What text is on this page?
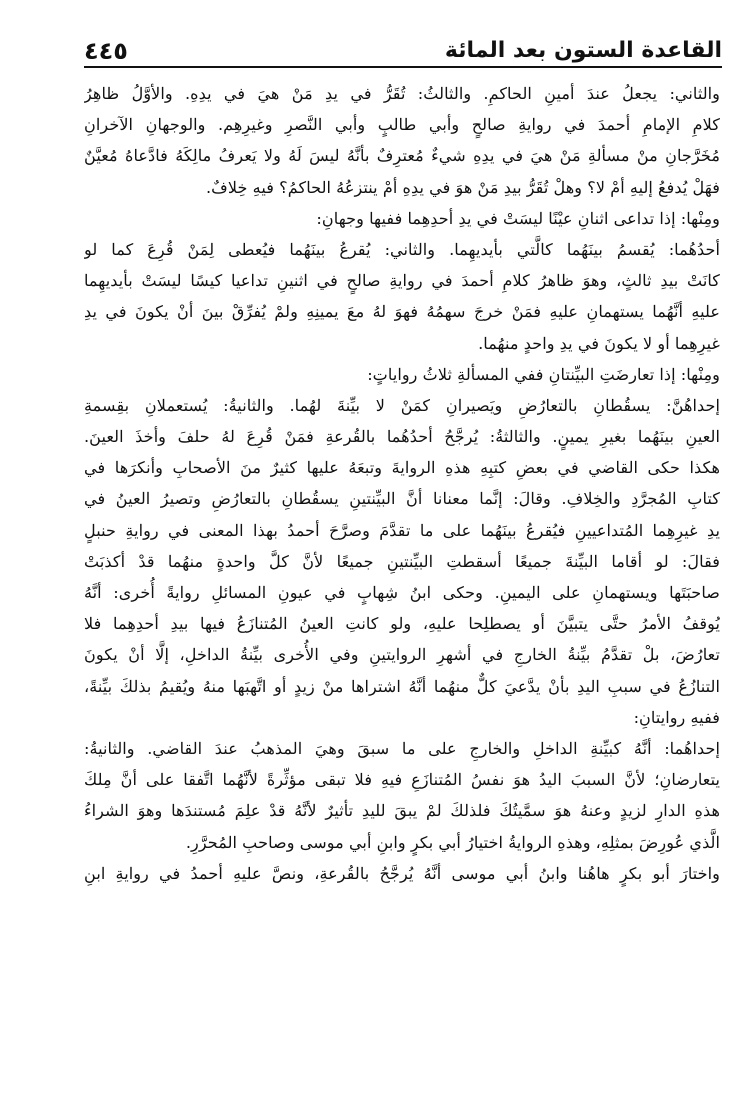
القاعدة الستون بعد المائة
٤٤٥
والثاني: يجعلُ عندَ أمينِ الحاكمِ. والثالثُ: تُقَرُّ في يدِ مَنْ هيَ في يدِهِ. والأوَّلُ ظاهِرُ
كلامِ الإمامِ أحمدَ في روايةِ صالحٍ وأبي طالبٍ وأبي النَّصرِ وغيرِهِم. والوجهانِ الآخرانِ
مُخَرَّجانِ منْ مسألةِ مَنْ هيَ في يدِهِ شيءٌ مُعترِفٌ بأنَّهُ ليسَ لَهُ ولا يَعرفُ مالِكَهُ فادَّعاهُ مُعيَّنٌ
فهَلْ يُدفعُ إليهِ أمْ لا؟ وهلْ تُقَرُّ بيدِ مَنْ هوَ في يدِهِ أمْ ينتزعُهُ الحاكمُ؟ فيهِ خِلافٌ.
ومِنْها: إذا تداعى اثنانِ عيْنًا ليسَتْ في يدِ أحدِهِما ففيها وجهانِ:
أحدُهُما: يُقسمُ بينَهُما كالَّتي بأيديهِما. والثاني: يُقرعُ بينَهُما فيُعطى لِمَنْ قُرِعَ كما لو
كانَتْ بيدِ ثالثٍ، وهوَ ظاهرُ كلامِ أحمدَ في روايةِ صالحٍ في اثنينِ تداعيا كيسًا ليسَتْ بأيديهِما
عليهِ أنَّهُما يستهمانِ عليهِ فمَنْ خرجَ سهمُهُ فهوَ لهُ معَ يمينِهِ ولمْ يُفرِّقْ بينَ أنْ يكونَ في يدِ
غيرِهِما أو لا يكونَ في يدِ واحدٍ منهُما.
ومِنْها: إذا تعارضَتِ البيِّنتانِ ففي المسألةِ ثلاثُ رواياتٍ:
إحداهُنَّ: يسقُطانِ بالتعارُضِ ويَصيرانِ كمَنْ لا بيِّنةَ لهُما. والثانيةُ: يُستعملانِ بقِسمةِ
العينِ بينَهُما بغيرِ يمينٍ. والثالثةُ: يُرجَّحُ أحدُهُما بالقُرعةِ فمَنْ قُرِعَ لهُ حلفَ وأخذَ العينَ.
هكذا حكى القاضي في بعضِ كتبِهِ هذهِ الروايةَ وتبعَهُ عليها كثيرٌ منَ الأصحابِ وأنكرَها في
كتابِ المُجرَّدِ والخِلافِ. وقالَ: إنَّما معنانا أنَّ البيِّنتينِ يسقُطانِ بالتعارُضِ وتصيرُ العينُ في
يدِ غيرِهِما المُتداعيينِ فيُقرعُ بينَهُما على ما تقدَّمَ وصرَّحَ أحمدُ بهذا المعنى في روايةِ حنبلٍ
فقالَ: لو أقاما البيِّنةَ جميعًا أسقطتِ البيِّنتينِ جميعًا لأنَّ كلَّ واحدةٍ منهُما قدْ أكذبَتْ
صاحبَتَها ويستهمانِ على اليمينِ. وحكى ابنُ شِهابٍ في عيونِ المسائلِ روايةً أُخرى: أنَّهُ
يُوقفُ الأمرُ حتَّى يتبيَّنَ أو يصطلِحا عليهِ، ولو كانتِ العينُ المُتنازَعُ فيها بيدِ أحدِهِما فلا
تعارُضَ، بلْ تقدَّمُ بيِّنةُ الخارجِ في أشهرِ الروايتينِ وفي الأُخرى بيِّنةُ الداخلِ، إلَّا أنْ يكونَ
التنازُعُ في سببِ اليدِ بأنْ يدَّعيَ كلٌّ منهُما أنَّهُ اشتراها منْ زيدٍ أو اتَّهبَها منهُ ويُقيمُ بذلكَ بيِّنةً،
ففيهِ روايتانِ:
إحداهُما: أنَّهُ كبيِّنةِ الداخلِ والخارجِ على ما سبقَ وهيَ المذهبُ عندَ القاضي. والثانيةُ:
يتعارضانِ؛ لأنَّ السببَ اليدُ هوَ نفسُ المُتنازَعِ فيهِ فلا تبقى مؤثِّرةً لأنَّهُما اتَّفقا على أنَّ مِلكَ
هذهِ الدارِ لزيدٍ وعنهُ هوَ سمَّيتُكَ فلذلكَ لمْ يبقَ لليدِ تأثيرٌ لأنَّهُ قدْ علِمَ مُستندَها وهوَ الشراءُ
الَّذي عُورِضَ بمثلِهِ، وهذهِ الروايةُ اختيارُ أبي بكرٍ وابنِ أبي موسى وصاحبِ المُحرَّرِ.
واختارَ أبو بكرٍ هاهُنا وابنُ أبي موسى أنَّهُ يُرجَّحُ بالقُرعةِ، ونصَّ عليهِ أحمدُ في روايةِ ابنِ
